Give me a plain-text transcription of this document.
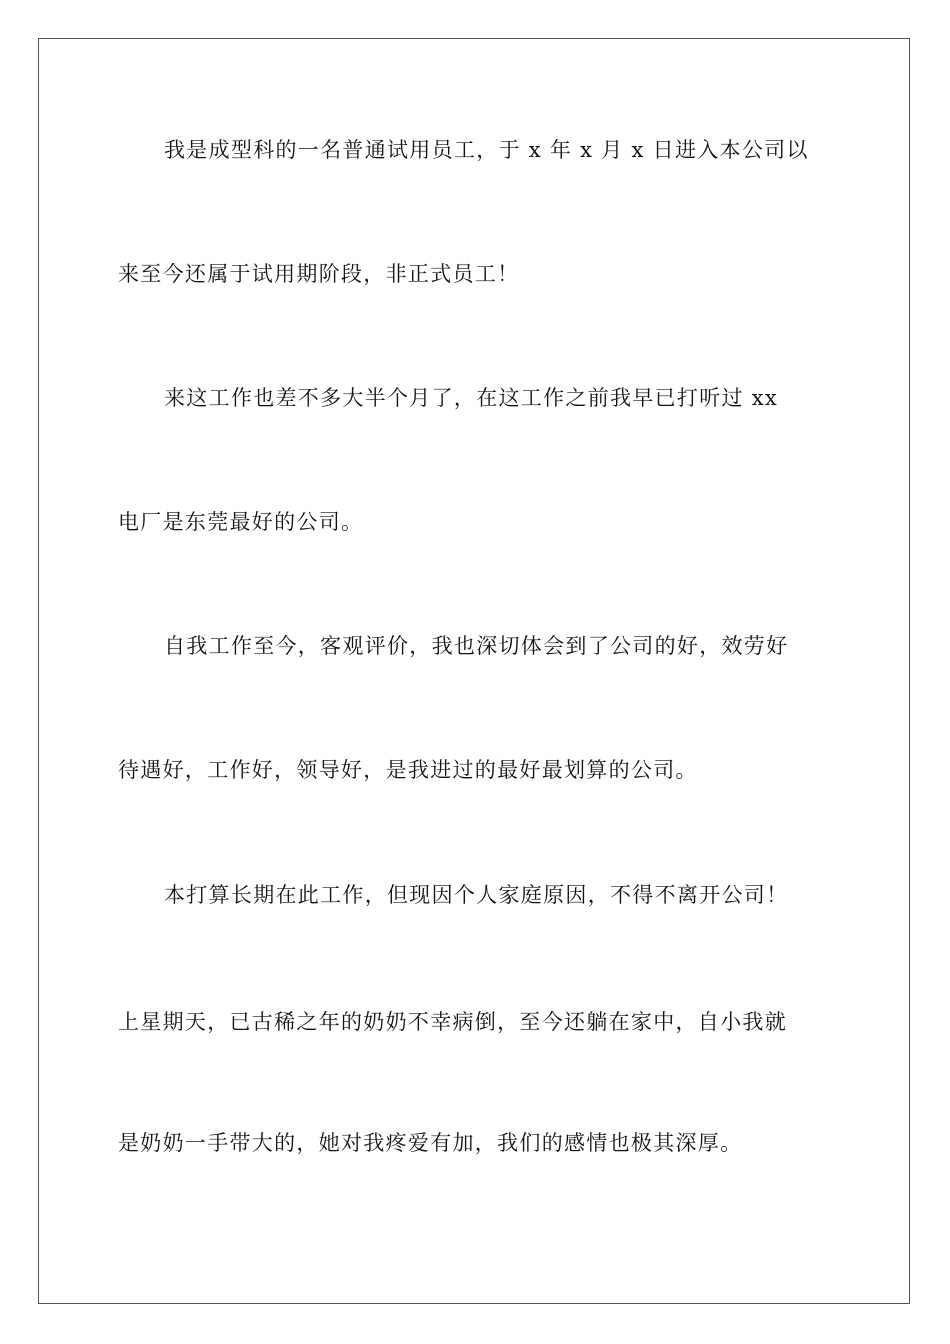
我是成型科的一名普通试用员工，于 x 年 x 月 x 日进入本公司以
来至今还属于试用期阶段，非正式员工！
来这工作也差不多大半个月了，在这工作之前我早已打听过 xx
电厂是东莞最好的公司。
自我工作至今，客观评价，我也深切体会到了公司的好，效劳好
待遇好，工作好，领导好，是我进过的最好最划算的公司。
本打算长期在此工作，但现因个人家庭原因，不得不离开公司！
上星期天，已古稀之年的奶奶不幸病倒，至今还躺在家中，自小我就
是奶奶一手带大的，她对我疼爱有加，我们的感情也极其深厚。
